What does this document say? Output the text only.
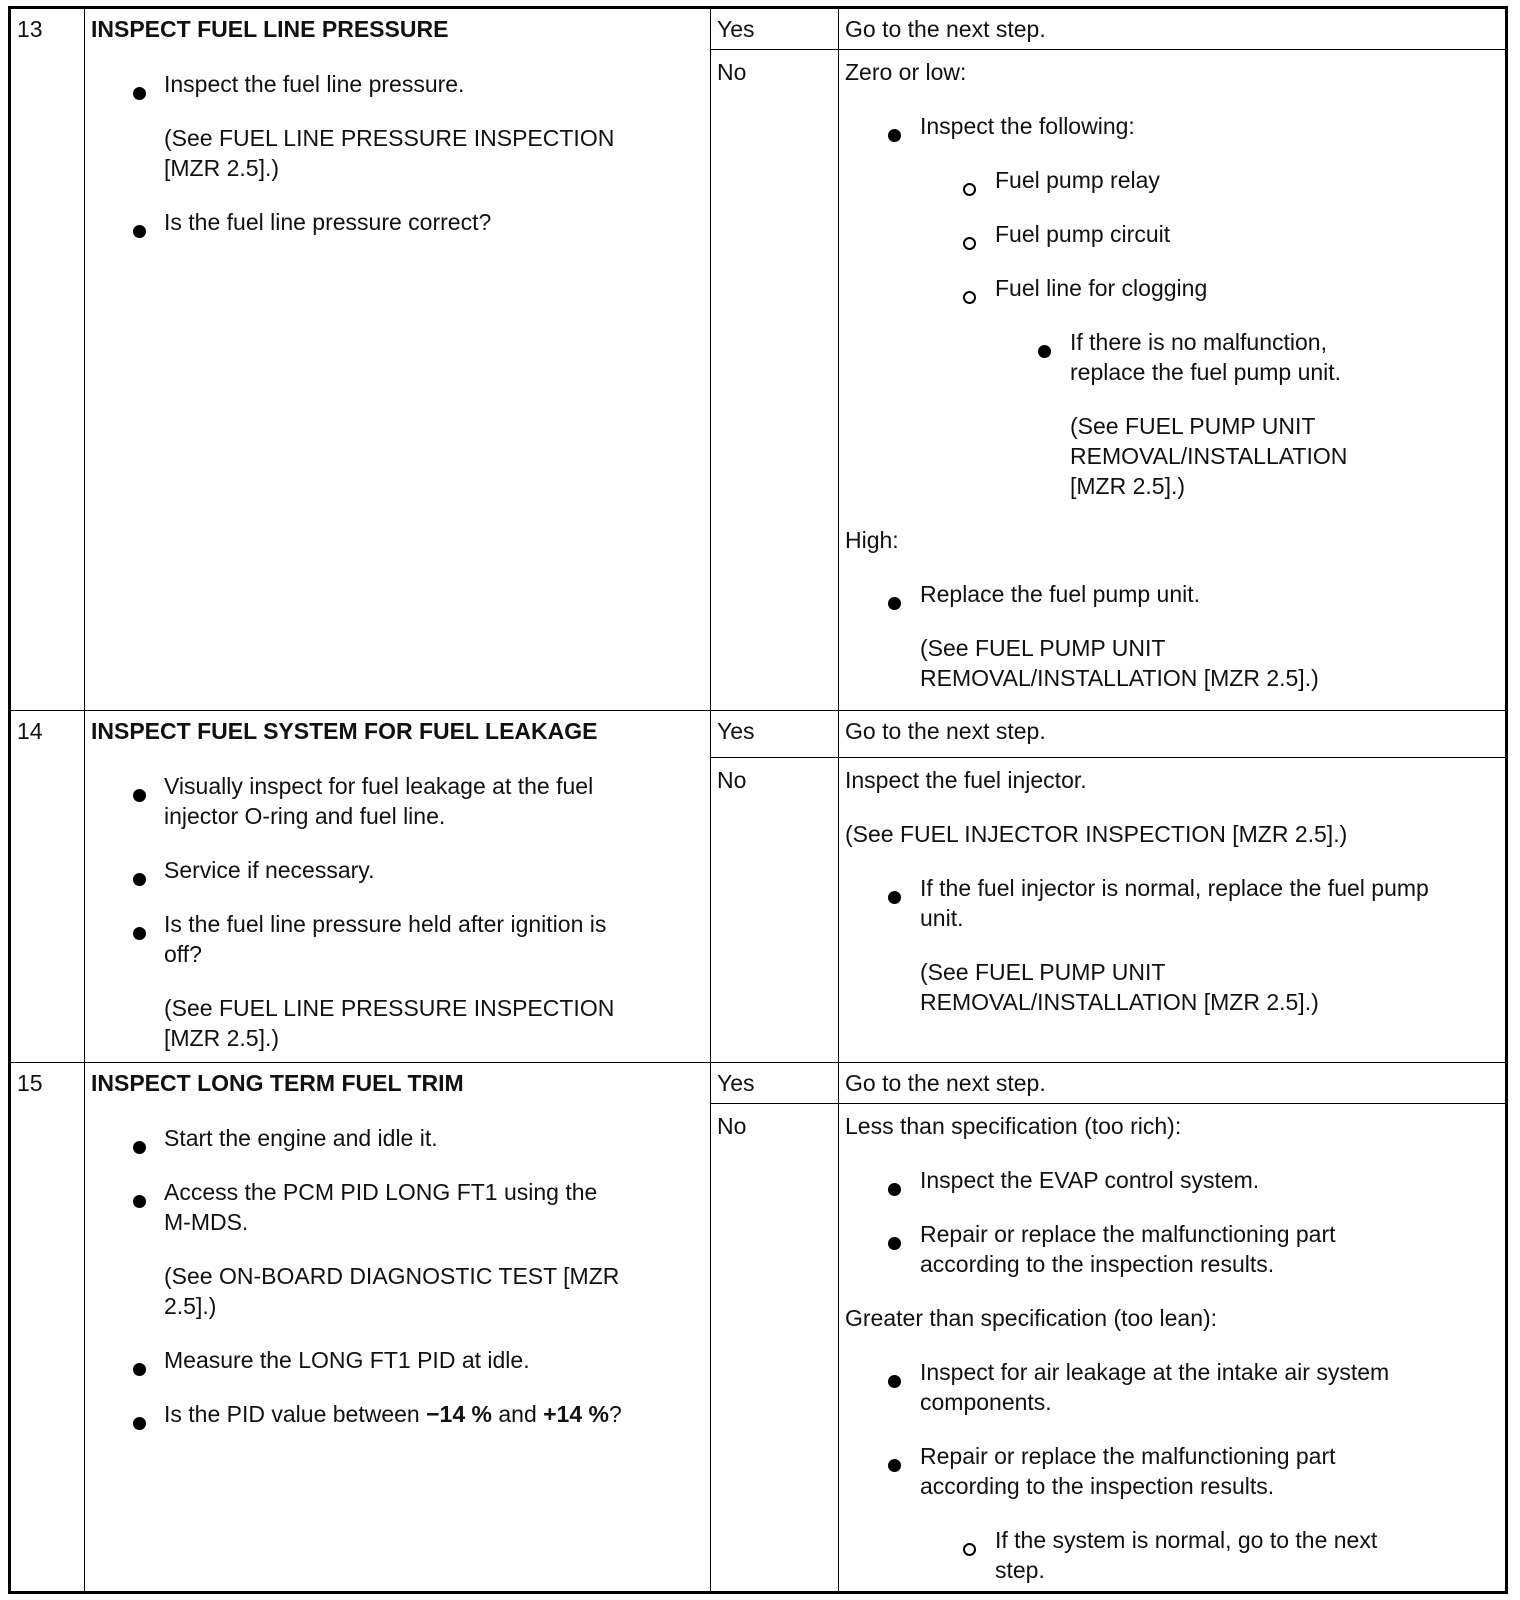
13 INSPECT FUEL LINE PRESSURE
Inspect the fuel line pressure.
(See FUEL LINE PRESSURE INSPECTION
[MZR 2.5].)
Is the fuel line pressure correct?
Yes	Go to the next step.
No	Zero or low:
Inspect the following:
Fuel pump relay
Fuel pump circuit
Fuel line for clogging
If there is no malfunction,
replace the fuel pump unit.
(See FUEL PUMP UNIT
REMOVAL/INSTALLATION
[MZR 2.5].)
High:
Replace the fuel pump unit.
(See FUEL PUMP UNIT
REMOVAL/INSTALLATION [MZR 2.5].)
14 INSPECT FUEL SYSTEM FOR FUEL LEAKAGE
Visually inspect for fuel leakage at the fuel
injector O-ring and fuel line.
Service if necessary.
Is the fuel line pressure held after ignition is
off?
(See FUEL LINE PRESSURE INSPECTION
[MZR 2.5].)
Yes	Go to the next step.
No	Inspect the fuel injector.
(See FUEL INJECTOR INSPECTION [MZR 2.5].)
If the fuel injector is normal, replace the fuel pump
unit.
(See FUEL PUMP UNIT
REMOVAL/INSTALLATION [MZR 2.5].)
15 INSPECT LONG TERM FUEL TRIM
Start the engine and idle it.
Access the PCM PID LONG FT1 using the
M-MDS.
(See ON-BOARD DIAGNOSTIC TEST [MZR
2.5].)
Measure the LONG FT1 PID at idle.
Is the PID value between −14 % and +14 %?
Yes	Go to the next step.
No	Less than specification (too rich):
Inspect the EVAP control system.
Repair or replace the malfunctioning part
according to the inspection results.
Greater than specification (too lean):
Inspect for air leakage at the intake air system
components.
Repair or replace the malfunctioning part
according to the inspection results.
If the system is normal, go to the next
step.
